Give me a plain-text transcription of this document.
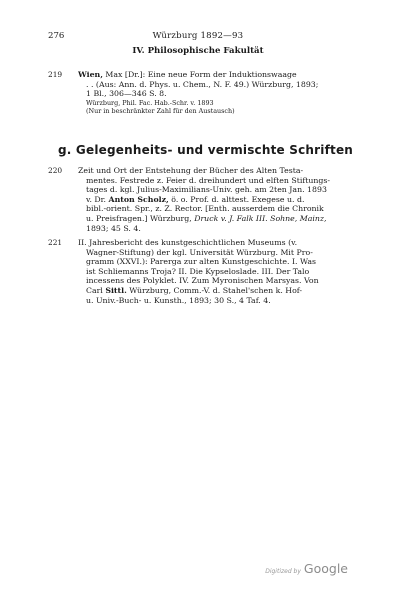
276	Würzburg 1892—93
IV. Philosophische Fakultät
219 Wien, Max [Dr.]: Eine neue Form der Induktionswaage
. . (Aus: Ann. d. Phys. u. Chem., N. F. 49.) Würzburg, 1893;
1 Bl., 306—346 S. 8.
Würzburg, Phil. Fac. Hab.-Schr. v. 1893
(Nur in beschränkter Zahl für den Austausch)
g. Gelegenheits- und vermischte Schriften
220 Zeit und Ort der Entstehung der Bücher des Alten Testa-
mentes. Festrede z. Feier d. dreihundert und elften Stiftungs-
tages d. kgl. Julius-Maximilians-Univ. geh. am 2ten Jan. 1893
v. Dr. Anton Scholz, ö. o. Prof. d. alttest. Exegese u. d.
bibl.-orient. Spr., z. Z. Rector. [Enth. ausserdem die Chronik
u. Preisfragen.] Würzburg, Druck v. J. Falk III. Sohne, Mainz,
1893; 45 S. 4.
221 II. Jahresbericht des kunstgeschichtlichen Museums (v.
Wagner-Stiftung) der kgl. Universität Würzburg. Mit Pro-
gramm (XXVI.): Parerga zur alten Kunstgeschichte. I. Was
ist Schliemanns Troja? II. Die Kypseloslade. III. Der Talo
incessens des Polyklet. IV. Zum Myronischen Marsyas. Von
Carl Sittl. Würzburg, Comm.-V. d. Stahel'schen k. Hof-
u. Univ.-Buch- u. Kunsth., 1893; 30 S., 4 Taf. 4.
Digitized by Google
